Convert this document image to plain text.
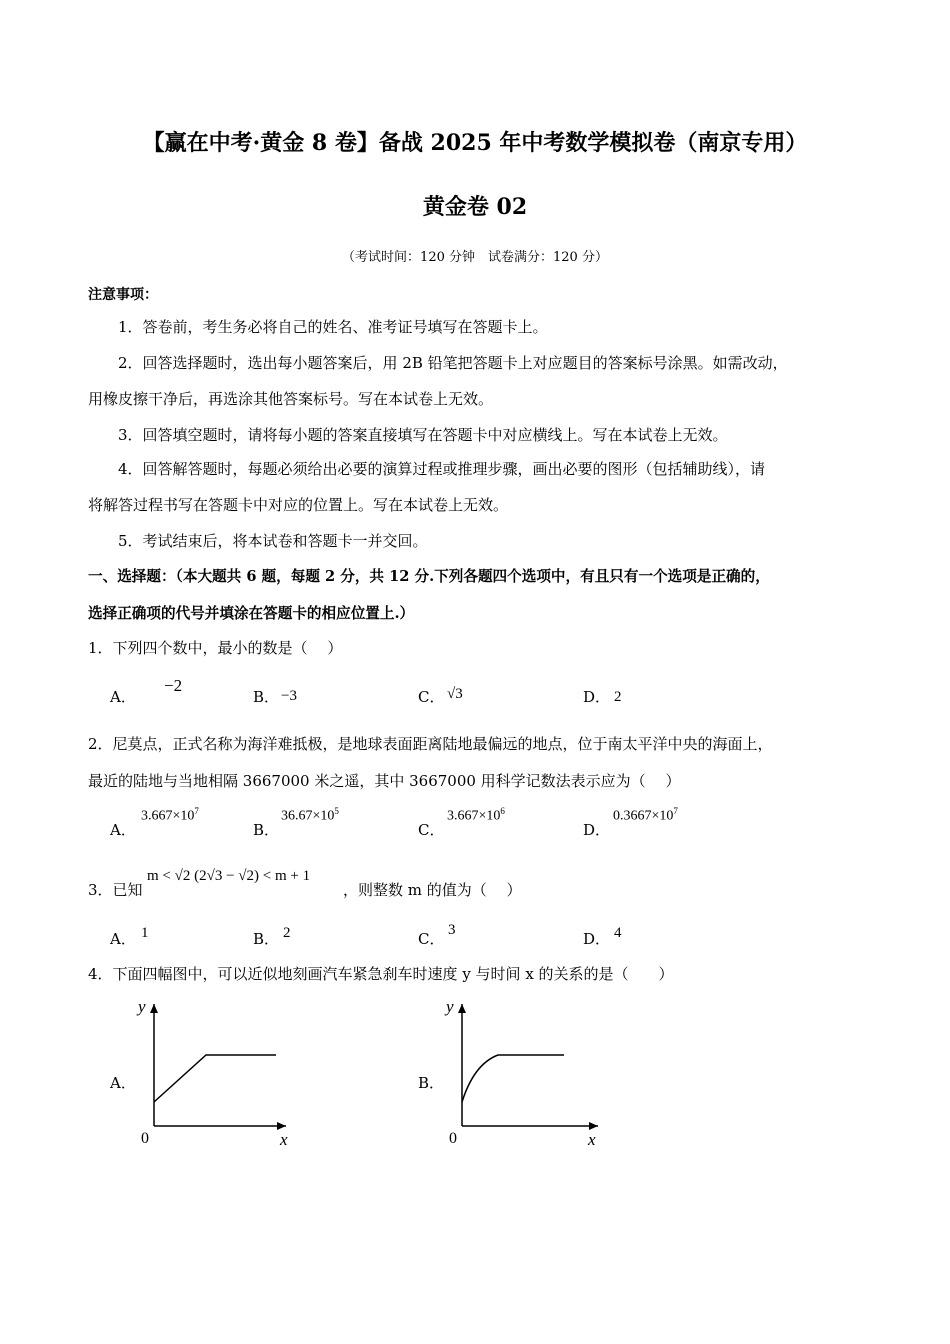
【赢在中考·黄金 8 卷】备战 2025 年中考数学模拟卷（南京专用）
黄金卷 02
（考试时间：120 分钟　试卷满分：120 分）
注意事项：
1．答卷前，考生务必将自己的姓名、准考证号填写在答题卡上。
2．回答选择题时，选出每小题答案后，用 2B 铅笔把答题卡上对应题目的答案标号涂黑。如需改动，
用橡皮擦干净后，再选涂其他答案标号。写在本试卷上无效。
3．回答填空题时，请将每小题的答案直接填写在答题卡中对应横线上。写在本试卷上无效。
4．回答解答题时，每题必须给出必要的演算过程或推理步骤，画出必要的图形（包括辅助线），请
将解答过程书写在答题卡中对应的位置上。写在本试卷上无效。
5．考试结束后，将本试卷和答题卡一并交回。
一、选择题：（本大题共 6 题，每题 2 分，共 12 分.下列各题四个选项中，有且只有一个选项是正确的，
选择正确项的代号并填涂在答题卡的相应位置上.）
1．下列四个数中，最小的数是（　 ）
A．
−2
B． −3	C． √3	D． 2
2．尼莫点，正式名称为海洋难抵极，是地球表面距离陆地最偏远的地点，位于南太平洋中央的海面上，
最近的陆地与当地相隔 3667000 米之遥，其中 3667000 用科学记数法表示应为（　 ）
A．
$3.667\times 10^7$
B．
$36.67\times 10^5$
C．
$3.667\times 10^6$
D．
$0.3667\times 10^7$
3．已知
m < √2 (2√3 − √2) < m + 1
，则整数 m 的值为（　 ）
A． 1	B． 2	C． 3	D． 4
4．下面四幅图中，可以近似地刻画汽车紧急刹车时速度 y 与时间 x 的关系的是（　　）
A．
y
x
0
B．
y
x
0
